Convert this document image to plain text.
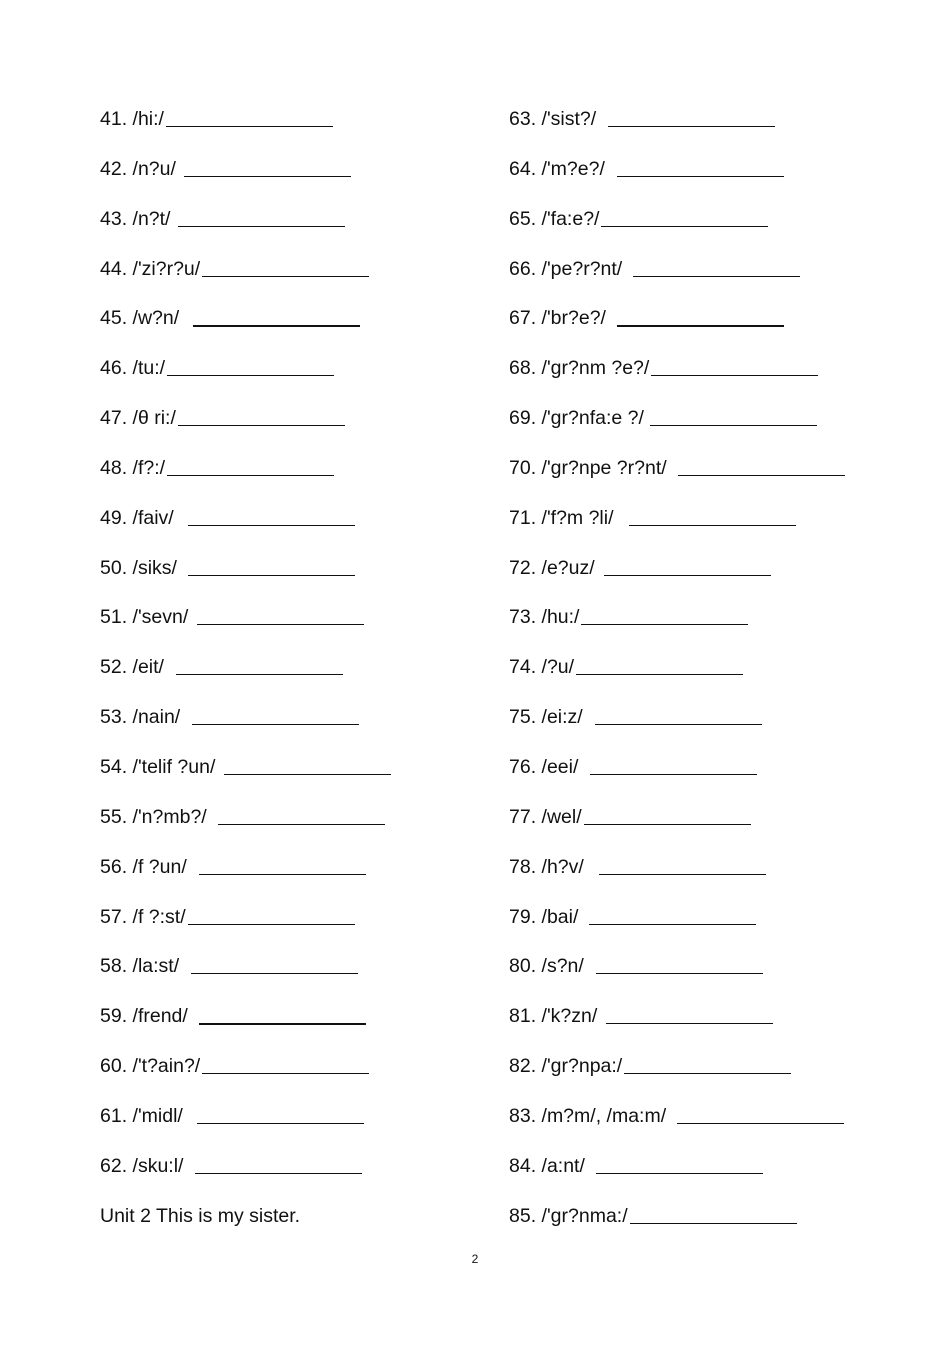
41. /hi:/
42. /n?u/
43. /n?t/
44. /'zi?r?u/
45. /w?n/
46. /tu:/
47. /θ ri:/
48. /f?:/
49. /faiv/
50. /siks/
51. /'sevn/
52. /eit/
53. /nain/
54. /'telif ?un/
55. /'n?mb?/
56. /f ?un/
57. /f ?:st/
58. /la:st/
59. /frend/
60. /'t?ain?/
61. /'midl/
62. /sku:l/
Unit 2 This is my sister.
63. /'sist?/
64. /'m?e?/
65. /'fa:e?/
66. /'pe?r?nt/
67. /'br?e?/
68. /'gr?nm ?e?/
69. /'gr?nfa:e ?/
70. /'gr?npe ?r?nt/
71. /'f?m ?li/
72. /e?uz/
73. /hu:/
74. /?u/
75. /ei:z/
76. /eei/
77. /wel/
78. /h?v/
79. /bai/
80. /s?n/
81. /'k?zn/
82. /'gr?npa:/
83. /m?m/, /ma:m/
84. /a:nt/
85. /'gr?nma:/
2
